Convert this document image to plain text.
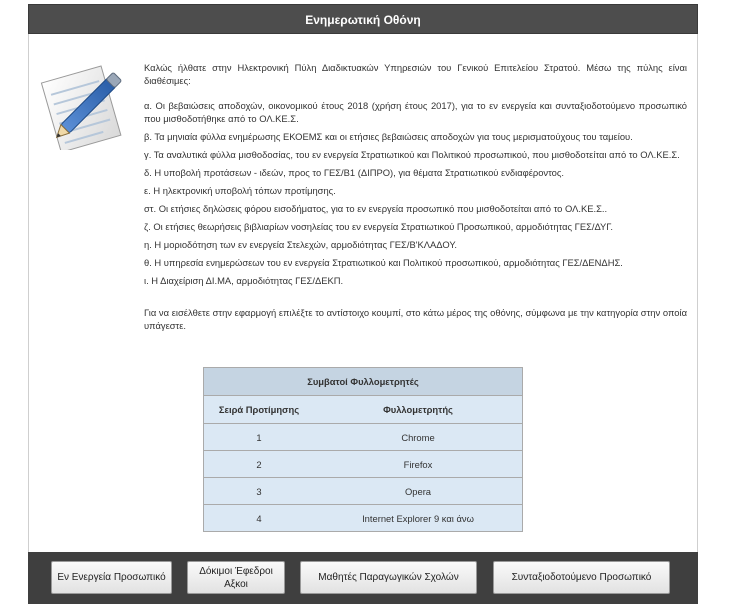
Ενημερωτική Οθόνη

Καλώς ήλθατε στην Ηλεκτρονική Πύλη Διαδικτυακών Υπηρεσιών του Γενικού Επιτελείου Στρατού. Μέσω της πύλης είναι διαθέσιμες:

α. Οι βεβαιώσεις αποδοχών, οικονομικού έτους 2018 (χρήση έτους 2017), για το εν ενεργεία και συνταξιοδοτούμενο προσωπικό που μισθοδοτήθηκε από το ΟΛ.ΚΕ.Σ.

β. Τα μηνιαία φύλλα ενημέρωσης ΕΚΟΕΜΣ και οι ετήσιες βεβαιώσεις αποδοχών για τους μερισματούχους του ταμείου.

γ. Τα αναλυτικά φύλλα μισθοδοσίας, του εν ενεργεία Στρατιωτικού και Πολιτικού προσωπικού, που μισθοδοτείται από το ΟΛ.ΚΕ.Σ.

δ. Η υποβολή προτάσεων - ιδεών, προς το ΓΕΣ/Β1 (ΔΙΠΡΟ), για θέματα Στρατιωτικού ενδιαφέροντος.

ε. Η ηλεκτρονική υποβολή τόπων προτίμησης.

στ. Οι ετήσιες δηλώσεις φόρου εισοδήματος, για το εν ενεργεία προσωπικό που μισθοδοτείται από το ΟΛ.ΚΕ.Σ..

ζ. Οι ετήσιες θεωρήσεις βιβλιαρίων νοσηλείας του εν ενεργεία Στρατιωτικού Προσωπικού, αρμοδιότητας ΓΕΣ/ΔΥΓ.

η. Η μοριοδότηση των εν ενεργεία Στελεχών, αρμοδιότητας ΓΕΣ/Β'ΚΛΑΔΟΥ.

θ. Η υπηρεσία ενημερώσεων του εν ενεργεία Στρατιωτικού και Πολιτικού προσωπικού, αρμοδιότητας ΓΕΣ/ΔΕΝΔΗΣ.

ι. Η Διαχείριση ΔΙ.ΜΑ, αρμοδιότητας ΓΕΣ/ΔΕΚΠ.

Για να εισέλθετε στην εφαρμογή επιλέξτε το αντίστοιχο κουμπί, στο κάτω μέρος της οθόνης, σύμφωνα με την κατηγορία στην οποία υπάγεστε.

Συμβατοί Φυλλομετρητές	
Σειρά Προτίμησης	Φυλλομετρητής
1	Chrome
2	Firefox
3	Opera
4	Internet Explorer 9 και άνω
Εν Ενεργεία Προσωπικό
Δόκιμοι Έφεδροι Αξκοι
Μαθητές Παραγωγικών Σχολών	Συνταξιοδοτούμενο Προσωπικό
